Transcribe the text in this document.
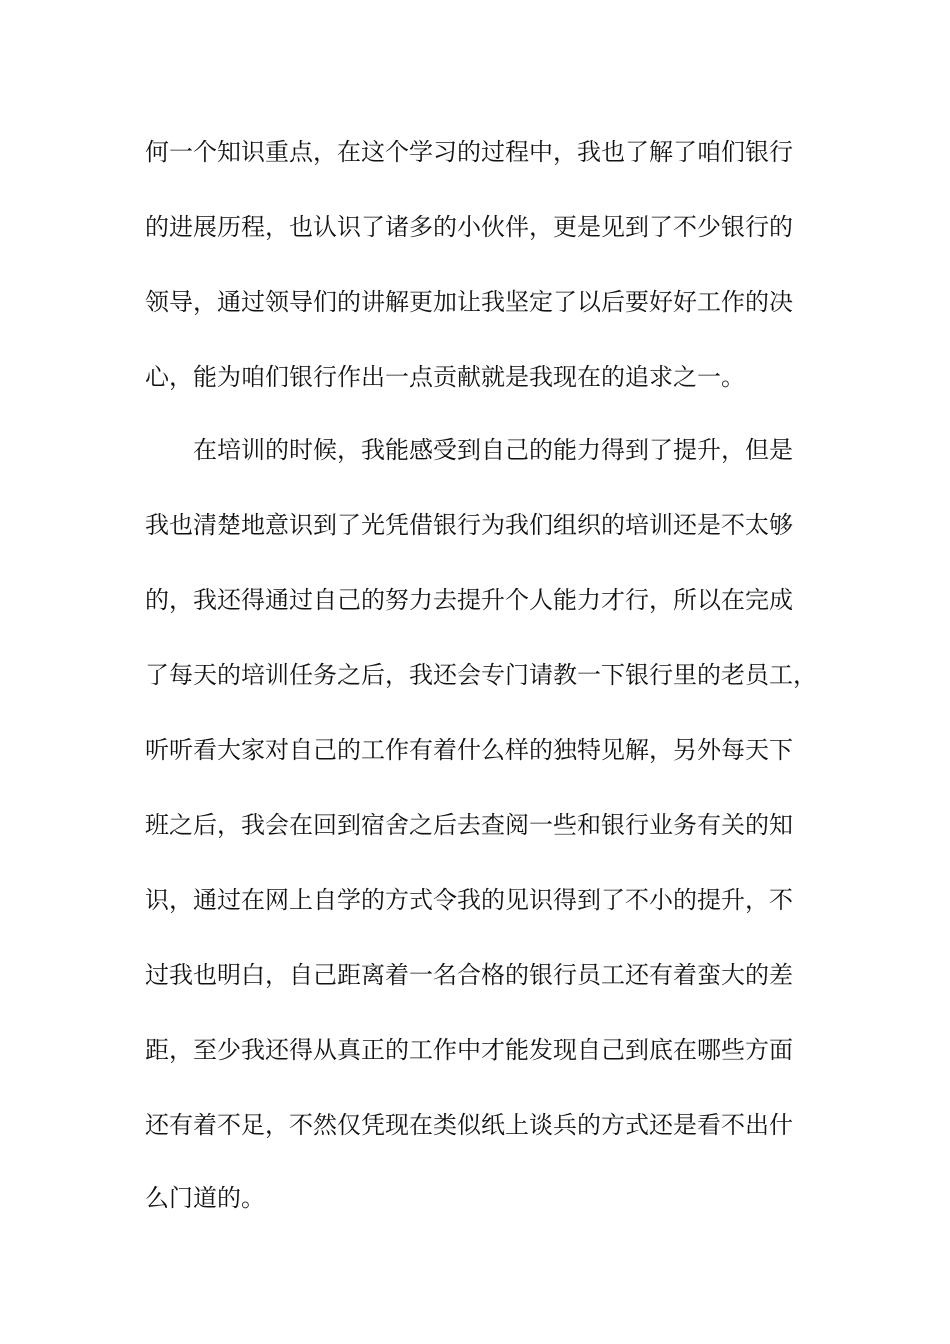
何一个知识重点，在这个学习的过程中，我也了解了咱们银行
的进展历程，也认识了诸多的小伙伴，更是见到了不少银行的
领导，通过领导们的讲解更加让我坚定了以后要好好工作的决
心，能为咱们银行作出一点贡献就是我现在的追求之一。
在培训的时候，我能感受到自己的能力得到了提升，但是
我也清楚地意识到了光凭借银行为我们组织的培训还是不太够
的，我还得通过自己的努力去提升个人能力才行，所以在完成
了每天的培训任务之后，我还会专门请教一下银行里的老员工，
听听看大家对自己的工作有着什么样的独特见解，另外每天下
班之后，我会在回到宿舍之后去查阅一些和银行业务有关的知
识，通过在网上自学的方式令我的见识得到了不小的提升，不
过我也明白，自己距离着一名合格的银行员工还有着蛮大的差
距，至少我还得从真正的工作中才能发现自己到底在哪些方面
还有着不足，不然仅凭现在类似纸上谈兵的方式还是看不出什
么门道的。
